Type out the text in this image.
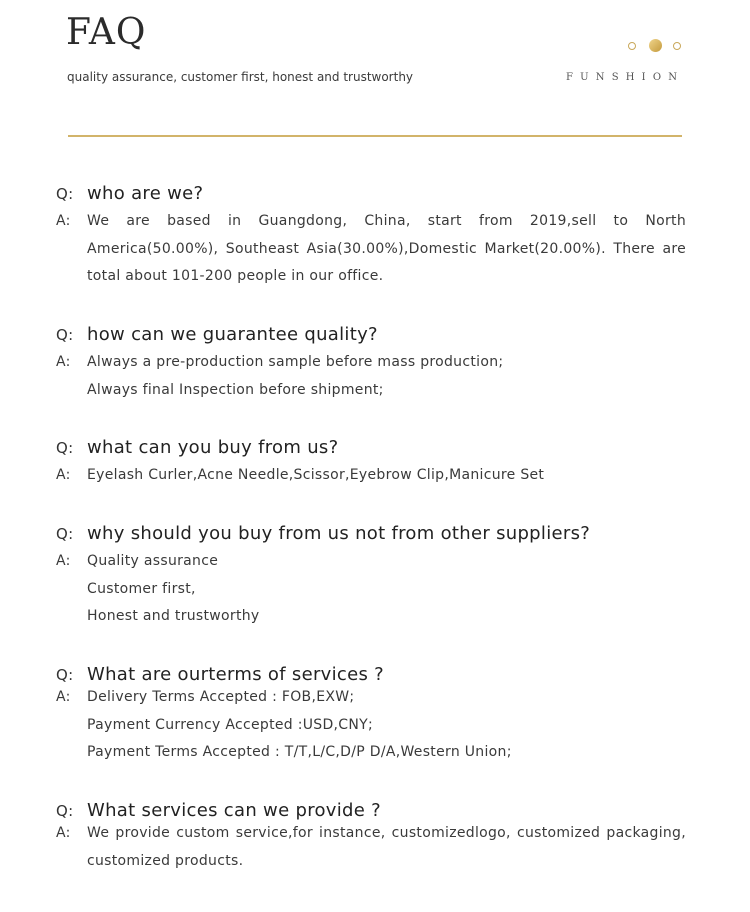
FAQ
quality assurance, customer first, honest and trustworthy	FUNSHION
Q: who are we?
A:	We are based in Guangdong, China, start from 2019,sell to North America(50.00%), Southeast Asia(30.00%),Domestic Market(20.00%). There are total about 101-200 people in our office.
Q: how can we guarantee quality?
A:	Always a pre-production sample before mass production;
Always final Inspection before shipment;
Q: what can you buy from us?
A:	Eyelash Curler,Acne Needle,Scissor,Eyebrow Clip,Manicure Set
Q: why should you buy from us not from other suppliers?
A:	Quality assurance
Customer first,
Honest and trustworthy
Q: What are ourterms of services ?
A:	Delivery Terms Accepted : FOB,EXW;
Payment Currency Accepted :USD,CNY;
Payment Terms Accepted : T/T,L/C,D/P D/A,Western Union;
Q: What services can we provide ?
A:	We provide custom service,for instance, customizedlogo, customized packaging, customized products.
